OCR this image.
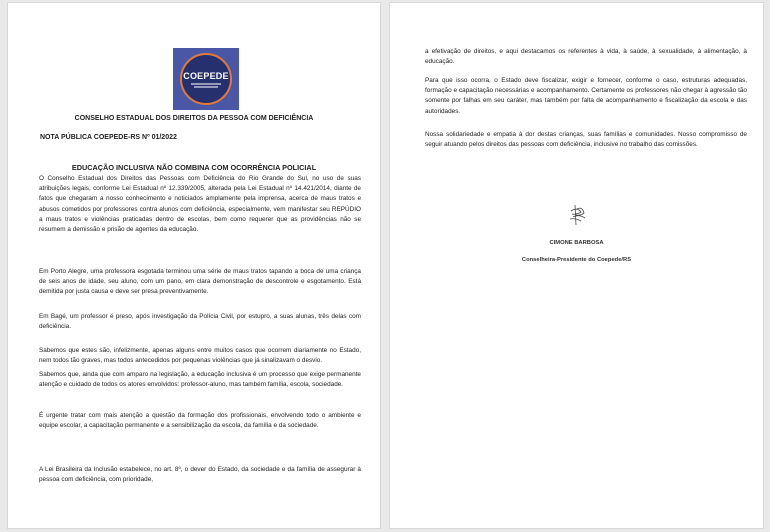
COEPEDE
CONSELHO ESTADUAL DOS DIREITOS DA PESSOA COM DEFICIÊNCIA
NOTA PÚBLICA COEPEDE-RS Nº 01/2022
EDUCAÇÃO INCLUSIVA NÃO COMBINA COM OCORRÊNCIA POLICIAL

O Conselho Estadual dos Direitos das Pessoas com Deficiência do Rio Grande do Sul, no uso de suas atribuições legais, conforme Lei Estadual nº 12.339/2005, alterada pela Lei Estadual nº 14.421/2014, diante de fatos que chegaram a nosso conhecimento e noticiados amplamente pela imprensa, acerca de maus tratos e abusos cometidos por professores contra alunos com deficiência, especialmente, vem manifestar seu REPÚDIO a maus tratos e violências praticadas dentro de escolas, bem como requerer que as providências não se resumem a demissão e prisão de agentes da educação.

Em Porto Alegre, uma professora esgotada terminou uma série de maus tratos tapando a boca de uma criança de seis anos de idade, seu aluno, com um pano, em clara demonstração de descontrole e esgotamento. Está demitida por justa causa e deve ser presa preventivamente.

Em Bagé, um professor é preso, após investigação da Polícia Civil, por estupro, a suas alunas, três delas com deficiência.

Sabemos que estes são, infelizmente, apenas alguns entre muitos casos que ocorrem diariamente no Estado, nem todos tão graves, mas todos antecedidos por pequenas violências que já sinalizavam o desvio.

Sabemos que, ainda que com amparo na legislação, a educação inclusiva é um processo que exige permanente atenção e cuidado de todos os atores envolvidos: professor-aluno, mas também família, escola, sociedade.

É urgente tratar com mais atenção a questão da formação dos profissionais, envolvendo todo o ambiente e equipe escolar, a capacitação permanente e a sensibilização da escola, da família e da sociedade.

A Lei Brasileira da Inclusão estabelece, no art. 8º, o dever do Estado, da sociedade e da família de assegurar à pessoa com deficiência, com prioridade,

a efetivação de direitos, e aqui destacamos os referentes à vida, à saúde, à sexualidade, à alimentação, à educação.

Para que isso ocorra, o Estado deve fiscalizar, exigir e fornecer, conforme o caso, estruturas adequadas, formação e capacitação necessárias e acompanhamento. Certamente os professores não chegar à agressão tão somente por falhas em seu caráter, mas também por falta de acompanhamento e fiscalização da escola e das autoridades.

Nossa solidariedade e empatia à dor destas crianças, suas famílias e comunidades. Nosso compromisso de seguir atuando pelos direitos das pessoas com deficiência, inclusive no trabalho das comissões.

CIMONE BARBOSA
Conselheira-Presidente do Coepede/RS
